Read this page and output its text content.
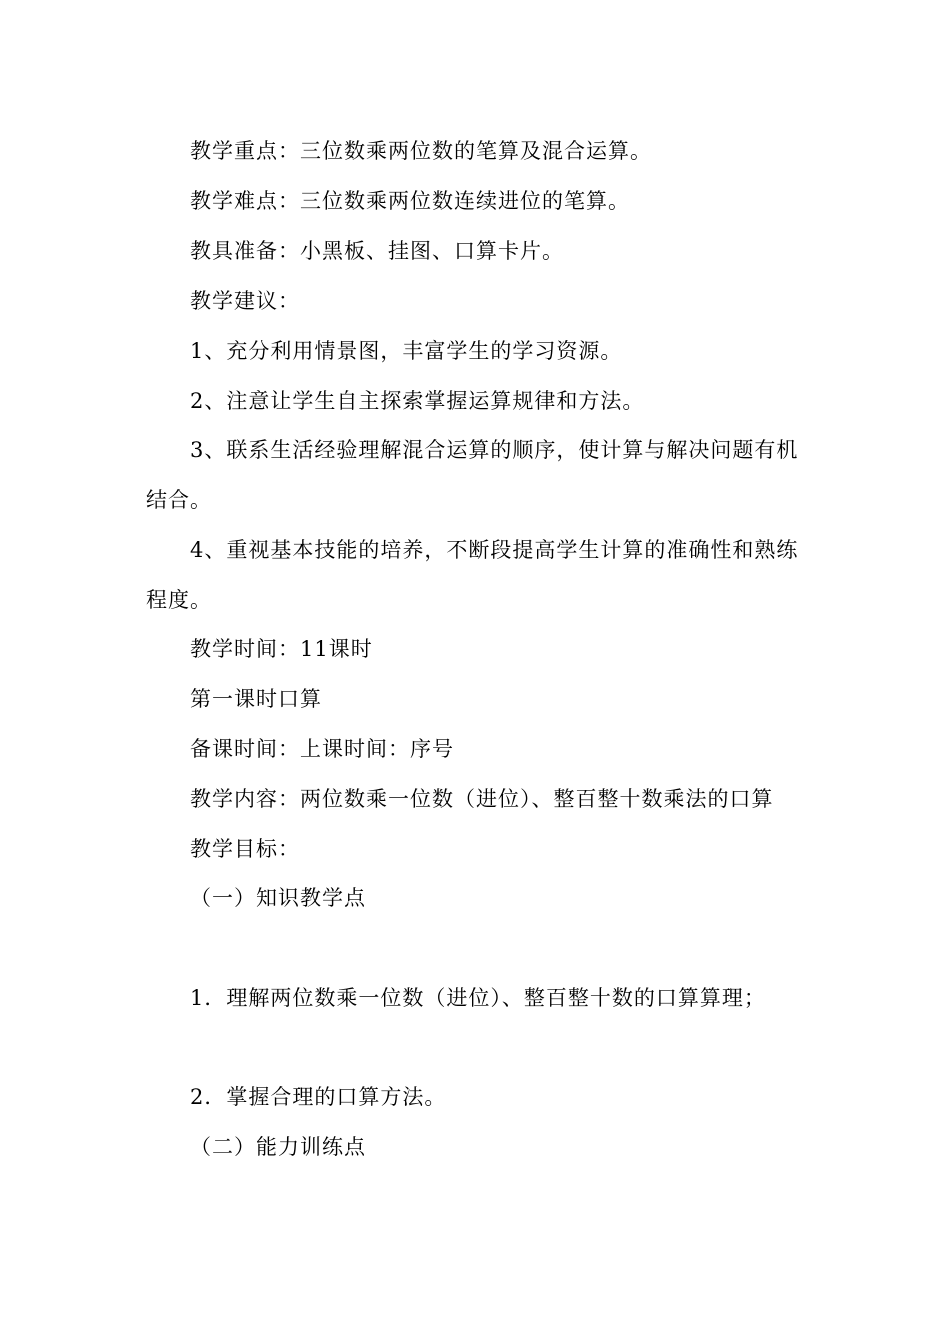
教学重点：三位数乘两位数的笔算及混合运算。
教学难点：三位数乘两位数连续进位的笔算。
教具准备：小黑板、挂图、口算卡片。
教学建议：
1、充分利用情景图，丰富学生的学习资源。
2、注意让学生自主探索掌握运算规律和方法。
3、联系生活经验理解混合运算的顺序，使计算与解决问题有机
结合。
4、重视基本技能的培养，不断段提高学生计算的准确性和熟练
程度。
教学时间：11课时
第一课时口算
备课时间：上课时间：序号
教学内容：两位数乘一位数（进位）、整百整十数乘法的口算
教学目标：
（一）知识教学点
1．理解两位数乘一位数（进位）、整百整十数的口算算理；
2．掌握合理的口算方法。
（二）能力训练点
